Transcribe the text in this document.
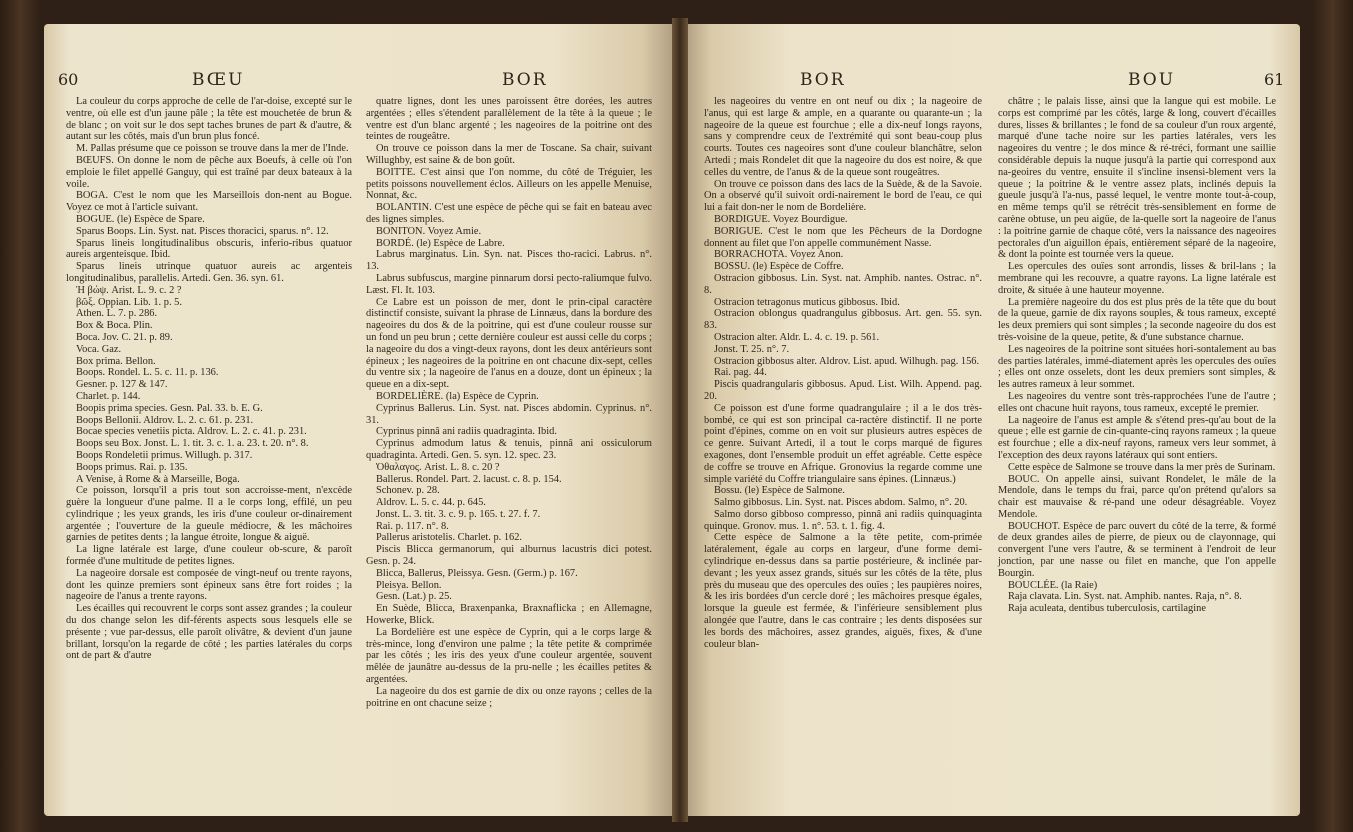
60	BŒU	BOR

La couleur du corps approche de celle de l'ar-doise, excepté sur le ventre, où elle est d'un jaune pâle ; la tête est mouchetée de brun & de blanc ; on voit sur le dos sept taches brunes de part & d'autre, & autant sur les côtés, mais d'un brun plus foncé.

M. Pallas présume que ce poisson se trouve dans la mer de l'Inde.

BŒUFS. On donne le nom de pêche aux Boeufs, à celle où l'on emploie le filet appellé Ganguy, qui est traîné par deux bateaux à la voile.

BOGA. C'est le nom que les Marseillois don-nent au Bogue. Voyez ce mot à l'article suivant.

BOGUE. (le) Espèce de Spare.

Sparus Boops. Lin. Syst. nat. Pisces thoracici, sparus. n°. 12.

Sparus lineis longitudinalibus obscuris, inferio-ribus quatuor aureis argenteisque. Ibid.

Sparus lineis utrinque quatuor aureis ac argenteis longitudinalibus, parallelis. Artedi. Gen. 36. syn. 61.

Ἡ βώψ. Arist. L. 9. c. 2 ?

βῶξ. Oppian. Lib. 1. p. 5.

Athen. L. 7. p. 286.

Box & Boca. Plin.

Boca. Jov. C. 21. p. 89.

Voca. Gaz.

Box prima. Bellon.

Boops. Rondel. L. 5. c. 11. p. 136.

Gesner. p. 127 & 147.

Charlet. p. 144.

Boopis prima species. Gesn. Pal. 33. b. E. G.

Boops Bellonii. Aldrov. L. 2. c. 61. p. 231.

Bocae species venetiis picta. Aldrov. L. 2. c. 41. p. 231.

Boops seu Box. Jonst. L. 1. tit. 3. c. 1. a. 23. t. 20. n°. 8.

Boops Rondeletii primus. Willugh. p. 317.

Boops primus. Rai. p. 135.

A Venise, à Rome & à Marseille, Boga.

Ce poisson, lorsqu'il a pris tout son accroisse-ment, n'excède guère la longueur d'une palme. Il a le corps long, effilé, un peu cylindrique ; les yeux grands, les iris d'une couleur or-dinairement argentée ; l'ouverture de la gueule médiocre, & les mâchoires garnies de petites dents ; la langue étroite, longue & aiguë.

La ligne latérale est large, d'une couleur ob-scure, & paroît formée d'une multitude de petites lignes.

La nageoire dorsale est composée de vingt-neuf ou trente rayons, dont les quinze premiers sont épineux sans être fort roides ; la nageoire de l'anus a trente rayons.

Les écailles qui recouvrent le corps sont assez grandes ; la couleur du dos change selon les dif-férents aspects sous lesquels elle se présente ; vue par-dessus, elle paroît olivâtre, & devient d'un jaune brillant, lorsqu'on la regarde de côté ; les parties latérales du corps ont de part & d'autre

quatre lignes, dont les unes paroissent être dorées, les autres argentées ; elles s'étendent parallèlement de la tête à la queue ; le ventre est d'un blanc argenté ; les nageoires de la poitrine ont des teintes de rougeâtre.

On trouve ce poisson dans la mer de Toscane. Sa chair, suivant Willughby, est saine & de bon goût.

BOITTE. C'est ainsi que l'on nomme, du côté de Tréguier, les petits poissons nouvellement éclos. Ailleurs on les appelle Menuise, Nonnat, &c.

BOLANTIN. C'est une espèce de pêche qui se fait en bateau avec des lignes simples.

BONITON. Voyez Amie.

BORDÉ. (le) Espèce de Labre.

Labrus marginatus. Lin. Syn. nat. Pisces tho-racici. Labrus. n°. 13.

Labrus subfuscus, margine pinnarum dorsi pecto-raliumque fulvo. Læst. Fl. It. 103.

Ce Labre est un poisson de mer, dont le prin-cipal caractère distinctif consiste, suivant la phrase de Linnæus, dans la bordure des nageoires du dos & de la poitrine, qui est d'une couleur rousse sur un fond un peu brun ; cette dernière couleur est aussi celle du corps ; la nageoire du dos a vingt-deux rayons, dont les deux antérieurs sont épineux ; les nageoires de la poitrine en ont chacune dix-sept, celles du ventre six ; la nageoire de l'anus en a douze, dont un épineux ; la queue en a dix-sept.

BORDELIÈRE. (la) Espèce de Cyprin.

Cyprinus Ballerus. Lin. Syst. nat. Pisces abdomin. Cyprinus. n°. 31.

Cyprinus pinnâ ani radiis quadraginta. Ibid.

Cyprinus admodum latus & tenuis, pinnâ ani ossiculorum quadraginta. Artedi. Gen. 5. syn. 12. spec. 23.

Ὀθαλαγος. Arist. L. 8. c. 20 ?

Ballerus. Rondel. Part. 2. lacust. c. 8. p. 154.

Schonev. p. 28.

Aldrov. L. 5. c. 44. p. 645.

Jonst. L. 3. tit. 3. c. 9. p. 165. t. 27. f. 7.

Rai. p. 117. n°. 8.

Pallerus aristotelis. Charlet. p. 162.

Piscis Blicca germanorum, qui alburnus lacustris dici potest. Gesn. p. 24.

Blicca, Ballerus, Pleissya. Gesn. (Germ.) p. 167.

Pleisya. Bellon.

Gesn. (Lat.) p. 25.

En Suède, Blicca, Braxenpanka, Braxnaflicka ; en Allemagne, Howerke, Blick.

La Bordelière est une espèce de Cyprin, qui a le corps large & très-mince, long d'environ une palme ; la tête petite & comprimée par les côtés ; les iris des yeux d'une couleur argentée, souvent mêlée de jaunâtre au-dessus de la pru-nelle ; les écailles petites & argentées.

La nageoire du dos est garnie de dix ou onze rayons ; celles de la poitrine en ont chacune seize ;

BOR	BOU	61

les nageoires du ventre en ont neuf ou dix ; la nageoire de l'anus, qui est large & ample, en a quarante ou quarante-un ; la nageoire de la queue est fourchue ; elle a dix-neuf longs rayons, sans y comprendre ceux de l'extrémité qui sont beau-coup plus courts. Toutes ces nageoires sont d'une couleur blanchâtre, selon Artedi ; mais Rondelet dit que la nageoire du dos est noire, & que celles du ventre, de l'anus & de la queue sont rougeâtres.

On trouve ce poisson dans des lacs de la Suède, & de la Savoie. On a observé qu'il suivoit ordi-nairement le bord de l'eau, ce qui lui a fait don-ner le nom de Bordelière.

BORDIGUE. Voyez Bourdigue.

BORIGUE. C'est le nom que les Pêcheurs de la Dordogne donnent au filet que l'on appelle communément Nasse.

BORRACHOTA. Voyez Anon.

BOSSU. (le) Espèce de Coffre.

Ostracion gibbosus. Lin. Syst. nat. Amphib. nantes. Ostrac. n°. 8.

Ostracion tetragonus muticus gibbosus. Ibid.

Ostracion oblongus quadrangulus gibbosus. Art. gen. 55. syn. 83.

Ostracion alter. Aldr. L. 4. c. 19. p. 561.

Jonst. T. 25. n°. 7.

Ostracion gibbosus alter. Aldrov. List. apud. Wilhugh. pag. 156.

Rai. pag. 44.

Piscis quadrangularis gibbosus. Apud. List. Wilh. Append. pag. 20.

Ce poisson est d'une forme quadrangulaire ; il a le dos très-bombé, ce qui est son principal ca-ractère distinctif. Il ne porte point d'épines, comme on en voit sur plusieurs autres espèces de ce genre. Suivant Artedi, il a tout le corps marqué de figures exagones, dont l'ensemble produit un effet agréable. Cette espèce de coffre se trouve en Afrique. Gronovius la regarde comme une simple variété du Coffre triangulaire sans épines. (Linnæus.)

Bossu. (le) Espèce de Salmone.

Salmo gibbosus. Lin. Syst. nat. Pisces abdom. Salmo, n°. 20.

Salmo dorso gibboso compresso, pinnâ ani radiis quinquaginta quinque. Gronov. mus. 1. n°. 53. t. 1. fig. 4.

Cette espèce de Salmone a la tête petite, com-primée latéralement, égale au corps en largeur, d'une forme demi-cylindrique en-dessus dans sa partie postérieure, & inclinée par-devant ; les yeux assez grands, situés sur les côtés de la tête, plus près du museau que des opercules des ouïes ; les paupières noires, & les iris bordées d'un cercle doré ; les mâchoires presque égales, lorsque la gueule est fermée, & l'inférieure sensiblement plus alongée que l'autre, dans le cas contraire ; les dents disposées sur les bords des mâchoires, assez grandes, aiguës, fixes, & d'une couleur blan-

châtre ; le palais lisse, ainsi que la langue qui est mobile. Le corps est comprimé par les côtés, large & long, couvert d'écailles dures, lisses & brillantes ; le fond de sa couleur d'un roux argenté, marqué d'une tache noire sur les parties latérales, vers les nageoires du ventre ; le dos mince & ré-tréci, formant une saillie considérable depuis la nuque jusqu'à la partie qui correspond aux na-geoires du ventre, ensuite il s'incline insensi-blement vers la queue ; la poitrine & le ventre assez plats, inclinés depuis la gueule jusqu'à l'a-nus, passé lequel, le ventre monte tout-à-coup, en même temps qu'il se rétrécit très-sensiblement en forme de carène obtuse, un peu aigüe, de la-quelle sort la nageoire de l'anus : la poitrine garnie de chaque côté, vers la naissance des nageoires pectorales d'un aiguillon épais, entièrement séparé de la nageoire, & dont la pointe est tournée vers la queue.

Les opercules des ouïes sont arrondis, lisses & bril-lans ; la membrane qui les recouvre, a quatre rayons. La ligne latérale est droite, & située à une hauteur moyenne.

La première nageoire du dos est plus près de la tête que du bout de la queue, garnie de dix rayons souples, & tous rameux, excepté les deux premiers qui sont simples ; la seconde nageoire du dos est très-voisine de la queue, petite, & d'une substance charnue.

Les nageoires de la poitrine sont situées hori-sontalement au bas des parties latérales, immé-diatement après les opercules des ouïes ; elles ont onze osselets, dont les deux premiers sont simples, & les autres rameux à leur sommet.

Les nageoires du ventre sont très-rapprochées l'une de l'autre ; elles ont chacune huit rayons, tous rameux, excepté le premier.

La nageoire de l'anus est ample & s'étend pres-qu'au bout de la queue ; elle est garnie de cin-quante-cinq rayons rameux ; la queue est fourchue ; elle a dix-neuf rayons, rameux vers leur sommet, à l'exception des deux rayons latéraux qui sont entiers.

Cette espèce de Salmone se trouve dans la mer près de Surinam.

BOUC. On appelle ainsi, suivant Rondelet, le mâle de la Mendole, dans le temps du frai, parce qu'on prétend qu'alors sa chair est mauvaise & ré-pand une odeur désagréable. Voyez Mendole.

BOUCHOT. Espèce de parc ouvert du côté de la terre, & formé de deux grandes ailes de pierre, de pieux ou de clayonnage, qui convergent l'une vers l'autre, & se terminent à l'endroit de leur jonction, par une nasse ou filet en manche, que l'on appelle Bourgin.

BOUCLÉE. (la Raie)

Raja clavata. Lin. Syst. nat. Amphib. nantes. Raja, n°. 8.

Raja aculeata, dentibus tuberculosis, cartilagine
